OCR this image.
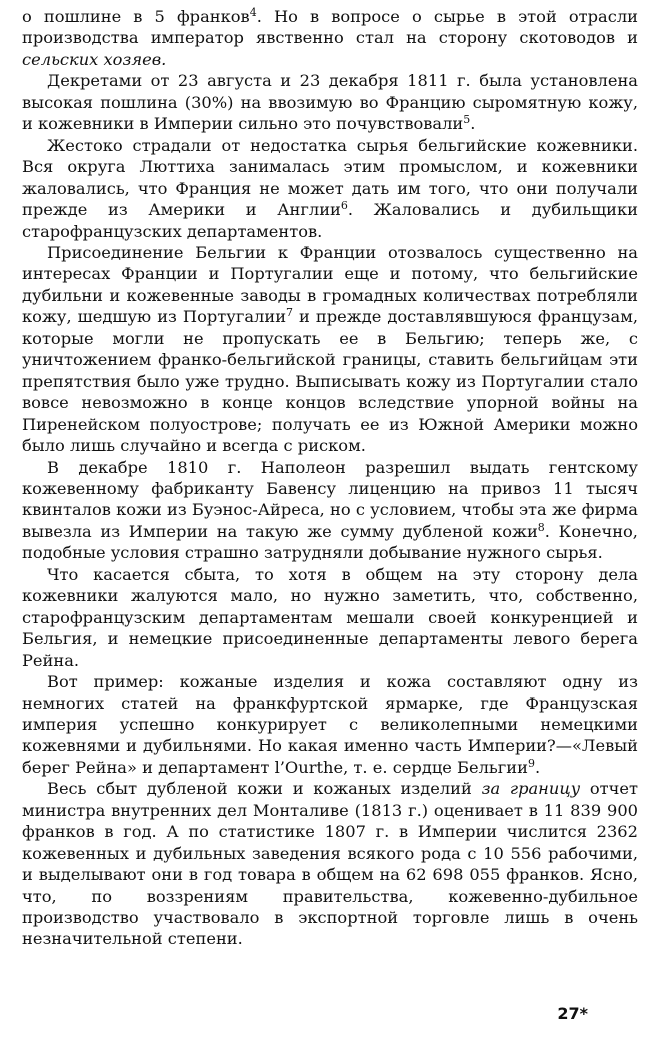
о пошлине в 5 франков$^4$. Но в вопросе о сырье в этой отрасли производства император явственно стал на сторону скотоводов и сельских хозяев.

Декретами от 23 августа и 23 декабря 1811 г. была установлена высокая пошлина (30%) на ввозимую во Францию сыромятную кожу, и кожевники в Империи сильно это почувствовали$^5$.

Жестоко страдали от недостатка сырья бельгийские кожевники. Вся округа Люттиха занималась этим промыслом, и кожевники жаловались, что Франция не может дать им того, что они получали прежде из Америки и Англии$^6$. Жаловались и дубильщики старофранцузских департаментов.

Присоединение Бельгии к Франции отозвалось существенно на интересах Франции и Португалии еще и потому, что бельгийские дубильни и кожевенные заводы в громадных количествах потребляли кожу, шедшую из Португалии$^7$ и прежде доставлявшуюся французам, которые могли не пропускать ее в Бельгию; теперь же, с уничтожением франко-бельгийской границы, ставить бельгийцам эти препятствия было уже трудно. Выписывать кожу из Португалии стало вовсе невозможно в конце концов вследствие упорной войны на Пиренейском полуострове; получать ее из Южной Америки можно было лишь случайно и всегда с риском.

В декабре 1810 г. Наполеон разрешил выдать гентскому кожевенному фабриканту Бавенсу лиценцию на привоз 11 тысяч квинталов кожи из Буэнос-Айреса, но с условием, чтобы эта же фирма вывезла из Империи на такую же сумму дубленой кожи$^8$. Конечно, подобные условия страшно затрудняли добывание нужного сырья.

Что касается сбыта, то хотя в общем на эту сторону дела кожевники жалуются мало, но нужно заметить, что, собственно, старофранцузским департаментам мешали своей конкуренцией и Бельгия, и немецкие присоединенные департаменты левого берега Рейна.

Вот пример: кожаные изделия и кожа составляют одну из немногих статей на франкфуртской ярмарке, где Французская империя успешно конкурирует с великолепными немецкими кожевнями и дубильнями. Но какая именно часть Империи?—«Левый берег Рейна» и департамент l’Ourthe, т. е. сердце Бельгии$^9$.

Весь сбыт дубленой кожи и кожаных изделий за границу отчет министра внутренних дел Монталиве (1813 г.) оценивает в 11 839 900 франков в год. А по статистике 1807 г. в Империи числится 2362 кожевенных и дубильных заведения всякого рода с 10 556 рабочими, и выделывают они в год товара в общем на 62 698 055 франков. Ясно, что, по воззрениям правительства, кожевенно-дубильное производство участвовало в экспортной торговле лишь в очень незначительной степени.

27*
